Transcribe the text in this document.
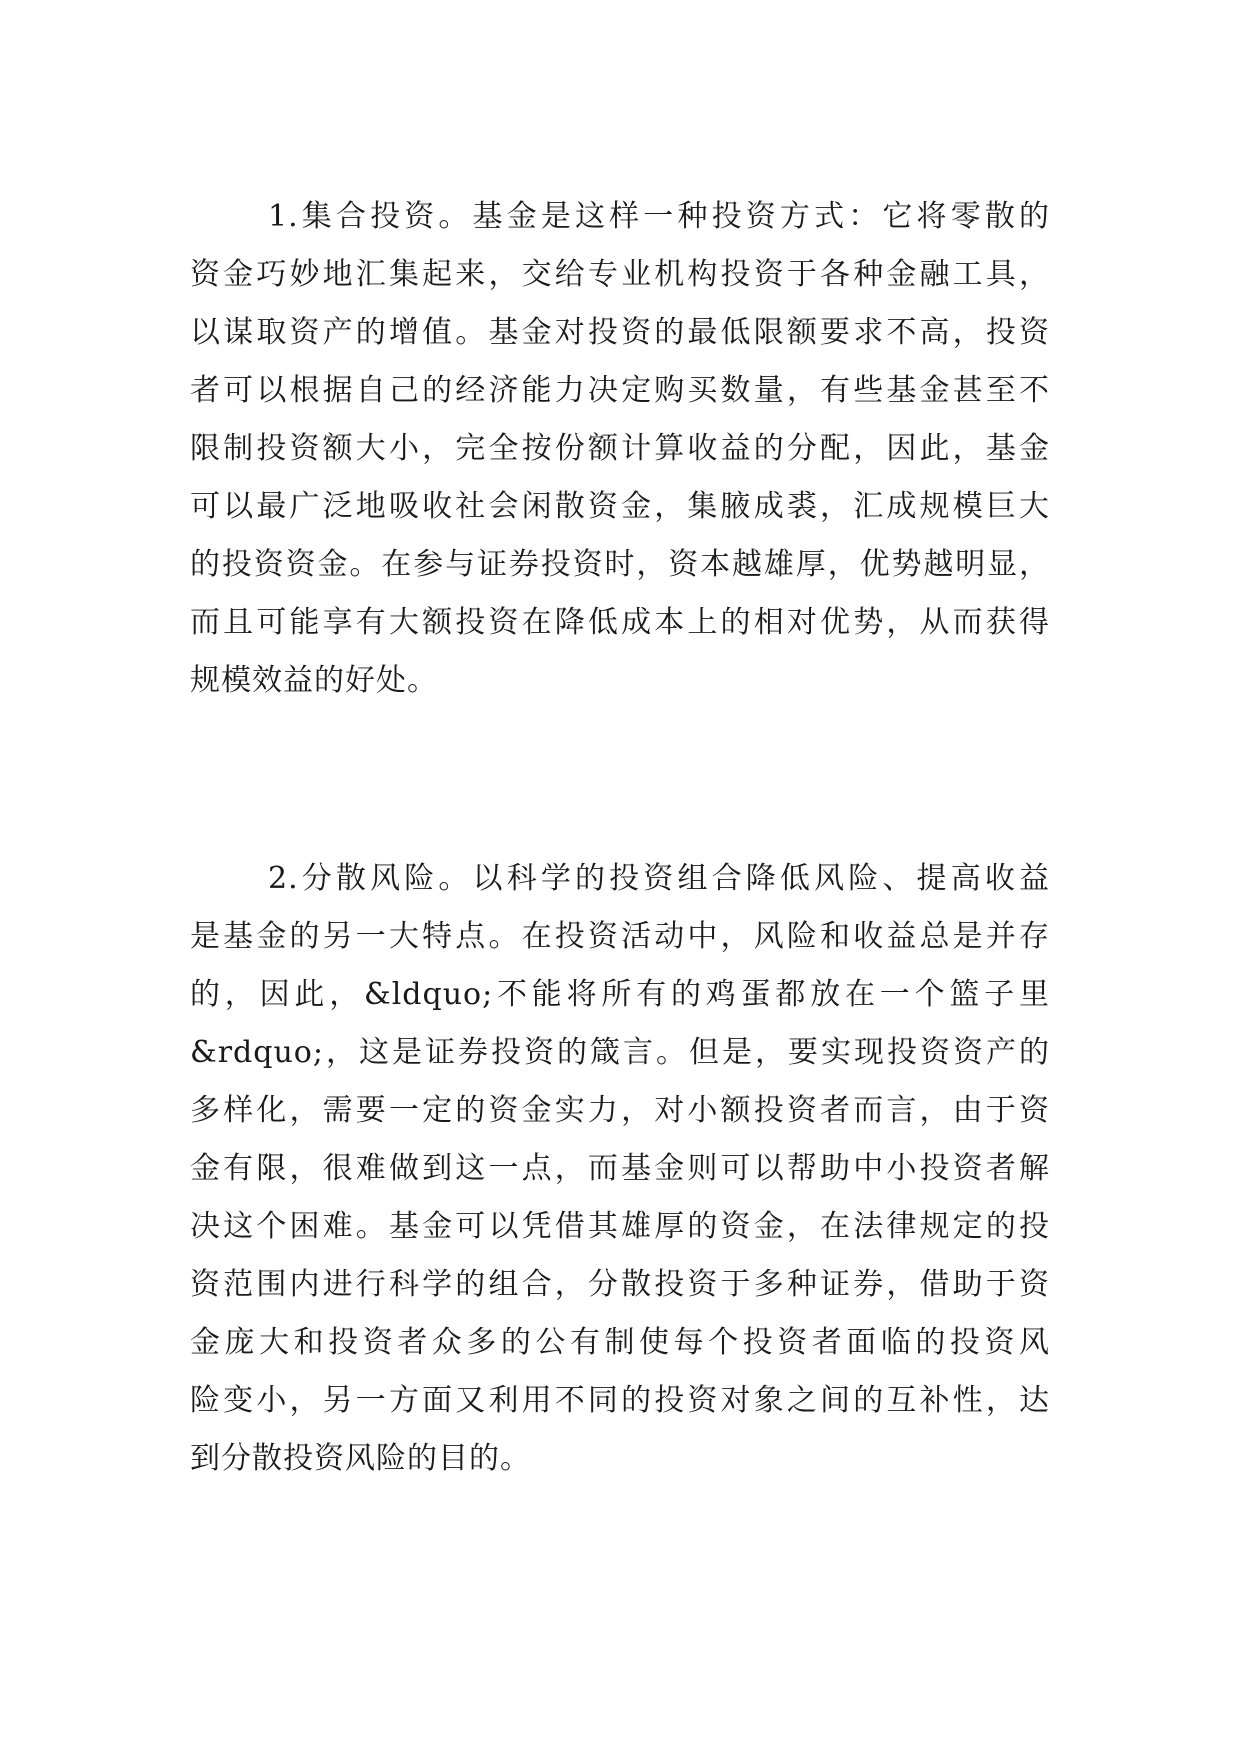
1.集合投资。基金是这样一种投资方式：它将零散的
资金巧妙地汇集起来，交给专业机构投资于各种金融工具，
以谋取资产的增值。基金对投资的最低限额要求不高，投资
者可以根据自己的经济能力决定购买数量，有些基金甚至不
限制投资额大小，完全按份额计算收益的分配，因此，基金
可以最广泛地吸收社会闲散资金，集腋成裘，汇成规模巨大
的投资资金。在参与证券投资时，资本越雄厚，优势越明显，
而且可能享有大额投资在降低成本上的相对优势，从而获得
规模效益的好处。
2.分散风险。以科学的投资组合降低风险、提高收益
是基金的另一大特点。在投资活动中，风险和收益总是并存
的，因此，&ldquo;不能将所有的鸡蛋都放在一个篮子里
&rdquo;，这是证券投资的箴言。但是，要实现投资资产的
多样化，需要一定的资金实力，对小额投资者而言，由于资
金有限，很难做到这一点，而基金则可以帮助中小投资者解
决这个困难。基金可以凭借其雄厚的资金，在法律规定的投
资范围内进行科学的组合，分散投资于多种证券，借助于资
金庞大和投资者众多的公有制使每个投资者面临的投资风
险变小，另一方面又利用不同的投资对象之间的互补性，达
到分散投资风险的目的。
